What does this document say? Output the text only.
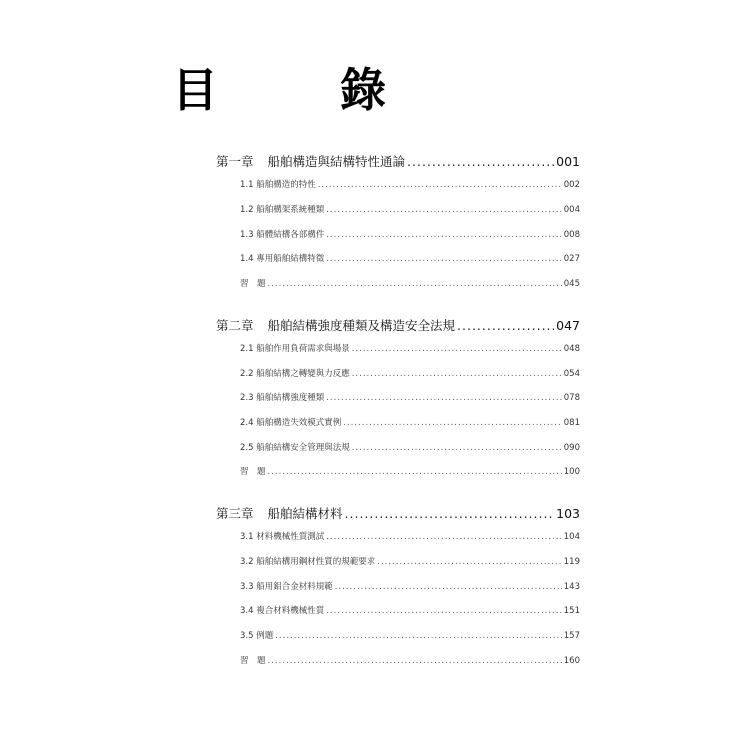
目　錄
第一章 船舶構造與結構特性通論 .....	001
1.1 船舶構造的特性 .....	002
1.2 船舶構架系統種類 .....	004
1.3 船體結構各部構件 .....	008
1.4 專用船舶結構特徵 .....	027
習　題 .....	045
第二章 船舶結構強度種類及構造安全法規 .....	047
2.1 船舶作用負荷需求與場景 .....	048
2.2 船舶結構之轉變與力反應 .....	054
2.3 船舶結構強度種類 .....	078
2.4 船舶構造失效模式實例 .....	081
2.5 船舶結構安全管理與法規 .....	090
習　題 .....	100
第三章 船舶結構材料 .....	103
3.1 材料機械性質測試 .....	104
3.2 船舶結構用鋼材性質的規範要求 .....	119
3.3 船用鋁合金材料規範 .....	143
3.4 複合材料機械性質 .....	151
3.5 例題 .....	157
習　題 .....	160
